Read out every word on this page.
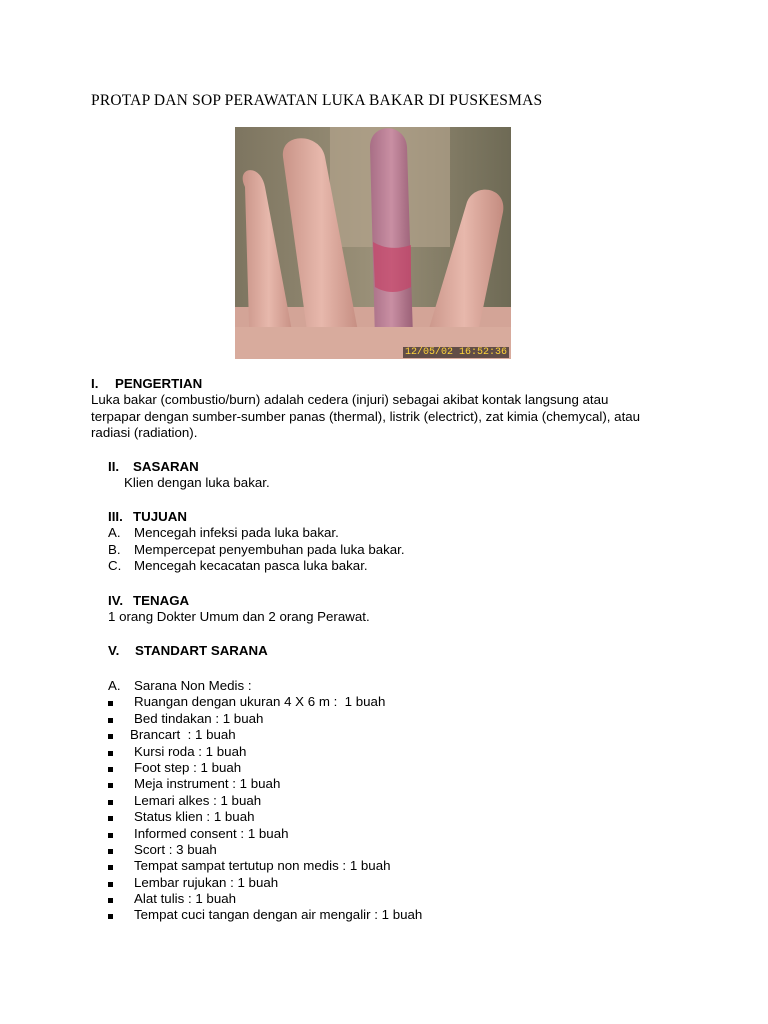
PROTAP DAN SOP PERAWATAN LUKA BAKAR DI PUSKESMAS
12/05/02 16:52:36
I.	PENGERTIAN
Luka bakar (combustio/burn) adalah cedera (injuri) sebagai akibat kontak langsung atau
terpapar dengan sumber-sumber panas (thermal), listrik (electrict), zat kimia (chemycal), atau
radiasi (radiation).
II.	SASARAN
Klien dengan luka bakar.
III. TUJUAN
A.	Mencegah infeksi pada luka bakar.
B.	Mempercepat penyembuhan pada luka bakar.
C. Mencegah kecacatan pasca luka bakar.
IV. TENAGA
1 orang Dokter Umum dan 2 orang Perawat.
V.	STANDART SARANA
A.	Sarana Non Medis :
Ruangan dengan ukuran 4 X 6 m :  1 buah
Bed tindakan : 1 buah
Brancart  : 1 buah
Kursi roda : 1 buah
Foot step : 1 buah
Meja instrument : 1 buah
Lemari alkes : 1 buah
Status klien : 1 buah
Informed consent : 1 buah
Scort : 3 buah
Tempat sampat tertutup non medis : 1 buah
Lembar rujukan : 1 buah
Alat tulis : 1 buah
Tempat cuci tangan dengan air mengalir : 1 buah
